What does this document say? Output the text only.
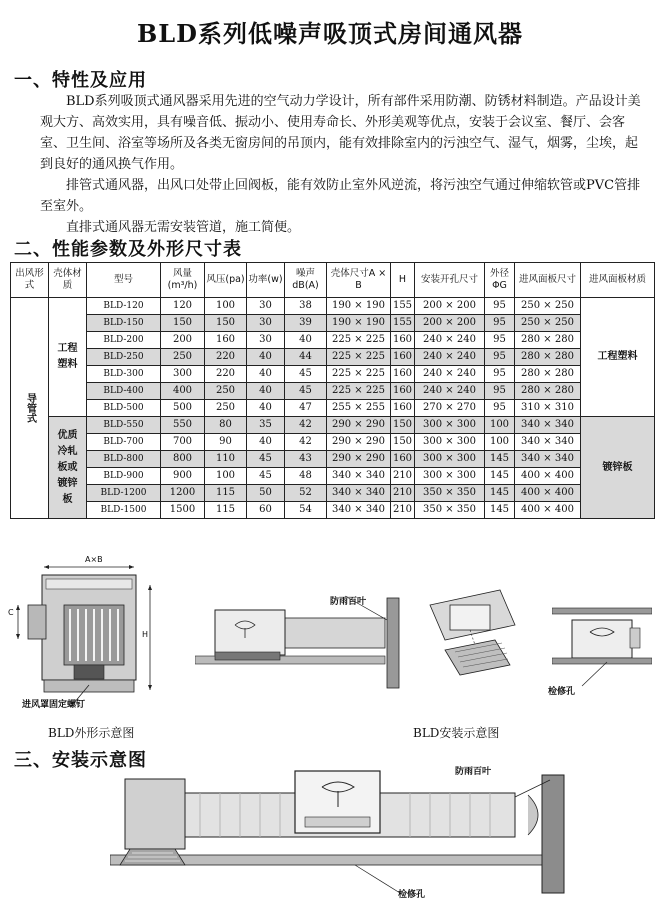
BLD系列低噪声吸顶式房间通风器
一、特性及应用

BLD系列吸顶式通风器采用先进的空气动力学设计，所有部件采用防潮、防锈材料制造。产品设计美观大方、高效实用，具有噪音低、振动小、使用寿命长、外形美观等优点，安装于会议室、餐厅、会客室、卫生间、浴室等场所及各类无窗房间的吊顶内，能有效排除室内的污浊空气、湿气，烟雾，尘埃，起到良好的通风换气作用。

排管式通风器，出风口处带止回阀板，能有效防止室外风逆流，将污浊空气通过伸缩软管或PVC管排至室外。

直排式通风器无需安装管道，施工简便。

二、性能参数及外形尺寸表
出风形式	壳体材质	型号	风量(m³/h)	风压(pa)	功率(w)	噪声dB(A)	壳体尺寸A × B	H	安装开孔尺寸	外径ΦG	进风面板尺寸	进风面板材质
导管式	工程塑料	BLD-120	120	100	30	38	190 × 190	155	200 × 200	95	250 × 250	工程塑料
		BLD-150	150	150	30	39	190 × 190	155	200 × 200	95	250 × 250	
		BLD-200	200	160	30	40	225 × 225	160	240 × 240	95	280 × 280	
		BLD-250	250	220	40	44	225 × 225	160	240 × 240	95	280 × 280	
		BLD-300	300	220	40	45	225 × 225	160	240 × 240	95	280 × 280	
		BLD-400	400	250	40	45	225 × 225	160	240 × 240	95	280 × 280	
		BLD-500	500	250	40	47	255 × 255	160	270 × 270	95	310 × 310	
	优质冷轧板或镀锌板	BLD-550	550	80	35	42	290 × 290	150	300 × 300	100	340 × 340	镀锌板
		BLD-700	700	90	40	42	290 × 290	150	300 × 300	100	340 × 340	
		BLD-800	800	110	45	43	290 × 290	160	300 × 300	145	340 × 340	
		BLD-900	900	100	45	48	340 × 340	210	300 × 300	145	400 × 400	
		BLD-1200	1200	115	50	52	340 × 340	210	350 × 350	145	400 × 400	
		BLD-1500	1500	115	60	54	340 × 340	210	350 × 350	145	400 × 400	
A×B
C
H
进风罩固定螺钉
防雨百叶
检修孔
BLD外形示意图	BLD安装示意图
三、安装示意图
防雨百叶
检修孔
